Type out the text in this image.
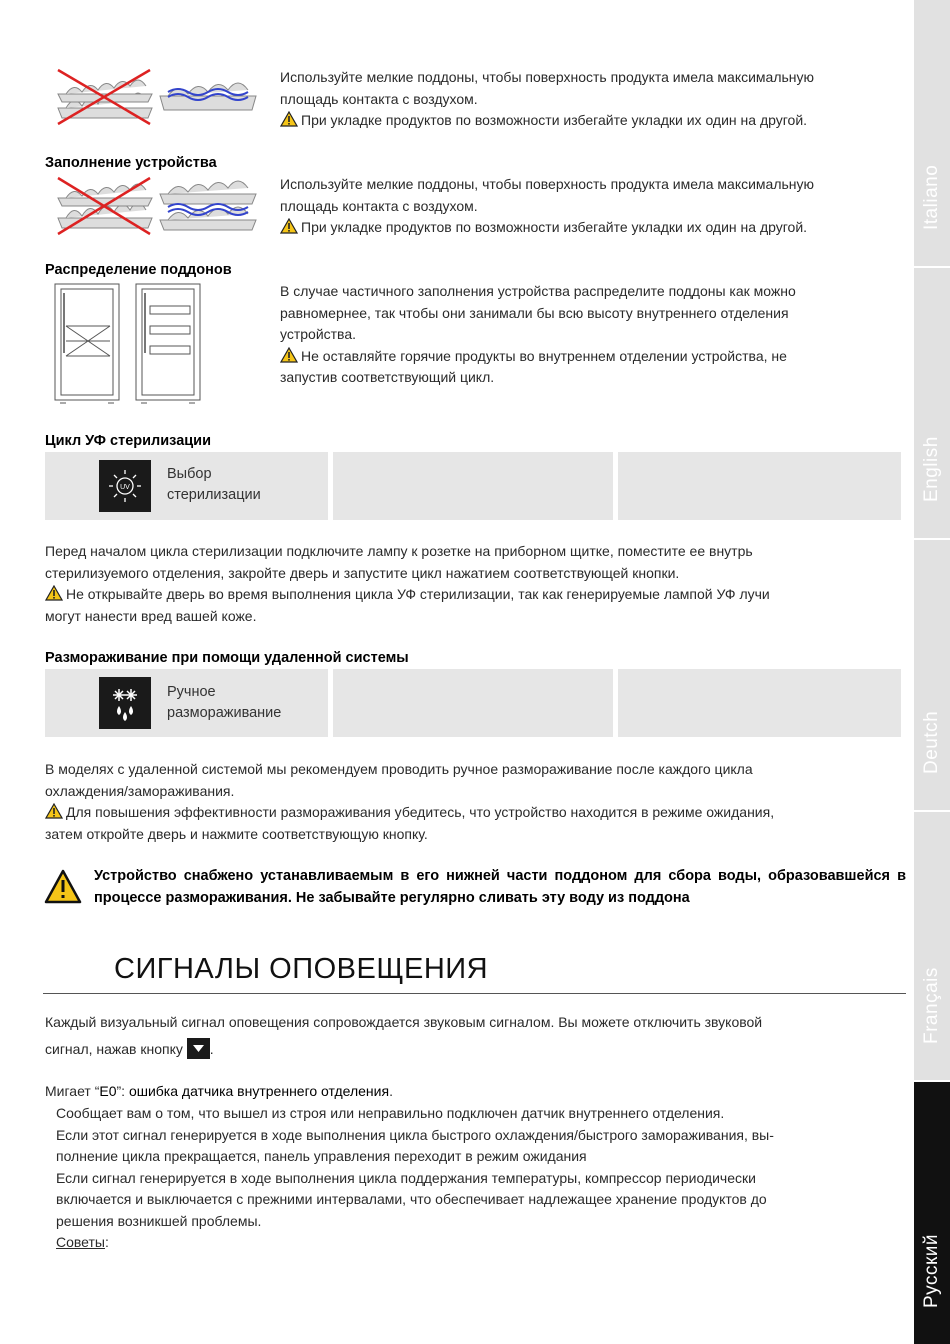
Italiano
English
Deutch
Français
Русский
Используйте мелкие поддоны, чтобы поверхность продукта имела максимальную
площадь контакта с воздухом.
При укладке продуктов по возможности избегайте укладки их один на другой.
Заполнение устройства
Используйте мелкие поддоны, чтобы поверхность продукта имела максимальную
площадь контакта с воздухом.
При укладке продуктов по возможности избегайте укладки их один на другой.
Распределение поддонов
В случае частичного заполнения устройства распределите поддоны как можно
равномернее, так чтобы они занимали бы всю высоту внутреннего отделения
устройства.
Не оставляйте горячие продукты во внутреннем отделении устройства, не
запустив соответствующий цикл.
Цикл УФ стерилизации
UV
Выбор
стерилизации
Перед началом цикла стерилизации подключите лампу к розетке на приборном щитке, поместите ее внутрь
стерилизуемого отделения, закройте дверь и запустите цикл нажатием соответствующей кнопки.
Не открывайте дверь во время выполнения цикла УФ стерилизации, так как генерируемые лампой УФ лучи
могут нанести вред вашей коже.
Размораживание при помощи удаленной системы
Ручное
размораживание
В моделях с удаленной системой мы рекомендуем проводить ручное размораживание после каждого цикла
охлаждения/замораживания.
Для повышения эффективности размораживания убедитесь, что устройство находится в режиме ожидания,
затем откройте дверь и нажмите соответствующую кнопку.
Устройство снабжено устанавливаемым в его нижней части поддоном для сбора воды, образовавшейся в
процессе размораживания. Не забывайте регулярно сливать эту воду из поддона
СИГНАЛЫ ОПОВЕЩЕНИЯ
Каждый визуальный сигнал оповещения сопровождается звуковым сигналом. Вы можете отключить звуковой
сигнал, нажав кнопку .
Мигает “E0”: ошибка датчика внутреннего отделения.
Сообщает вам о том, что вышел из строя или неправильно подключен датчик внутреннего отделения.
Если этот сигнал генерируется в ходе выполнения цикла быстрого охлаждения/быстрого замораживания, вы-
полнение цикла прекращается, панель управления переходит в режим ожидания
Если сигнал генерируется в ходе выполнения цикла поддержания температуры, компрессор периодически
включается и выключается с прежними интервалами, что обеспечивает надлежащее хранение продуктов до
решения возникшей проблемы.
Советы:
